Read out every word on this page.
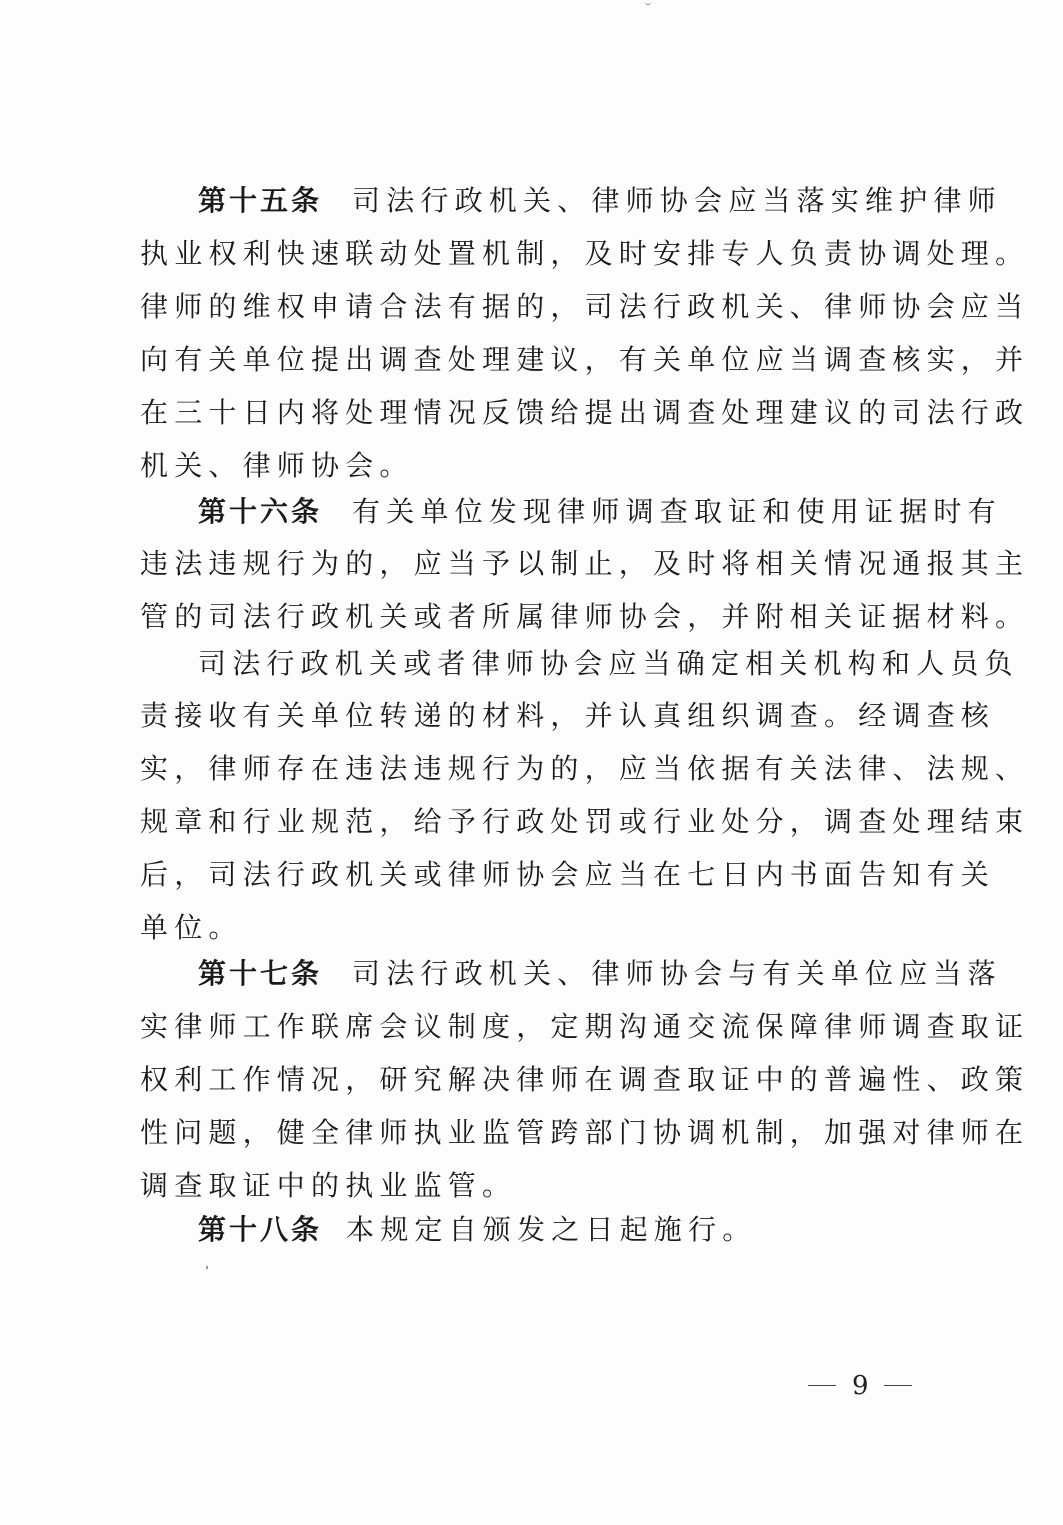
第十五条

司法行政机关、律师协会应当落实维护律师

执业权利快速联动处置机制，及时安排专人负责协调处理。

律师的维权申请合法有据的，司法行政机关、律师协会应当

向有关单位提出调查处理建议，有关单位应当调查核实，并

在三十日内将处理情况反馈给提出调查处理建议的司法行政

机关、律师协会。

第十六条

有关单位发现律师调查取证和使用证据时有

违法违规行为的，应当予以制止，及时将相关情况通报其主

管的司法行政机关或者所属律师协会，并附相关证据材料。

司法行政机关或者律师协会应当确定相关机构和人员负

责接收有关单位转递的材料，并认真组织调查。经调查核

实，律师存在违法违规行为的，应当依据有关法律、法规、

规章和行业规范，给予行政处罚或行业处分，调查处理结束

后，司法行政机关或律师协会应当在七日内书面告知有关

单位。

第十七条

司法行政机关、律师协会与有关单位应当落

实律师工作联席会议制度，定期沟通交流保障律师调查取证

权利工作情况，研究解决律师在调查取证中的普遍性、政策

性问题，健全律师执业监管跨部门协调机制，加强对律师在

调查取证中的执业监管。

第十八条

本规定自颁发之日起施行。

9
